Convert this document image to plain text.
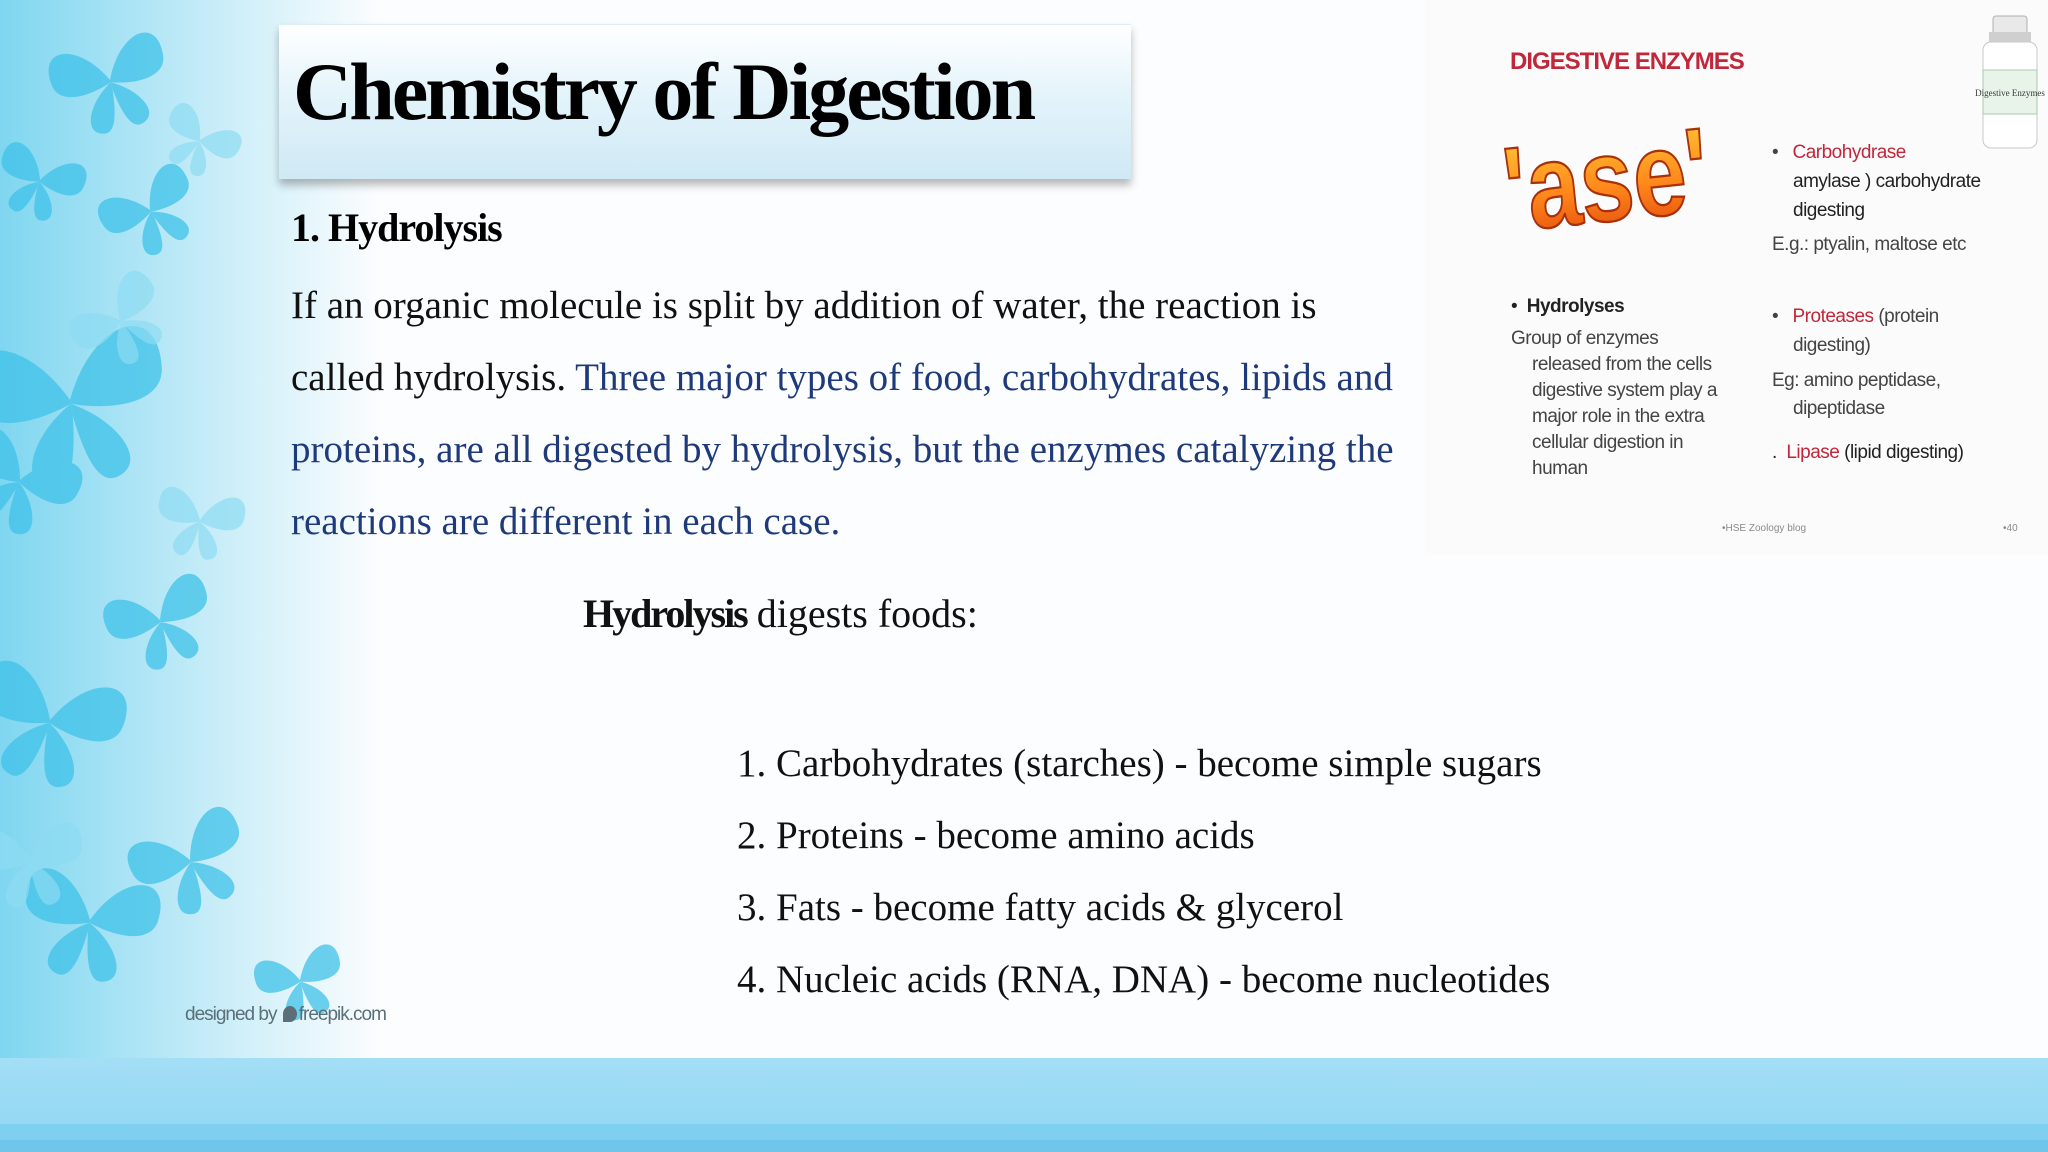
Chemistry of Digestion
1. Hydrolysis
If an organic molecule is split by addition of water, the reaction is called hydrolysis. Three major types of food, carbohydrates, lipids and proteins, are all digested by hydrolysis, but the enzymes catalyzing the reactions are different in each case.
Hydrolysis digests foods:
1. Carbohydrates (starches) - become simple sugars
2. Proteins - become amino acids
3. Fats - become fatty acids & glycerol
4. Nucleic acids (RNA, DNA) - become nucleotides
designed by freepik.com
DIGESTIVE ENZYMES
'ase'
Digestive Enzymes
• Carbohydrase
amylase ) carbohydrate
digesting
E.g.: ptyalin, maltose etc
• Proteases (protein
digesting)
Eg: amino peptidase,
dipeptidase
. Lipase (lipid digesting)
• Hydrolyses
Group of enzymes
released from the cells
digestive system play a
major role in the extra
cellular digestion in
human
•HSE Zoology blog	•40
